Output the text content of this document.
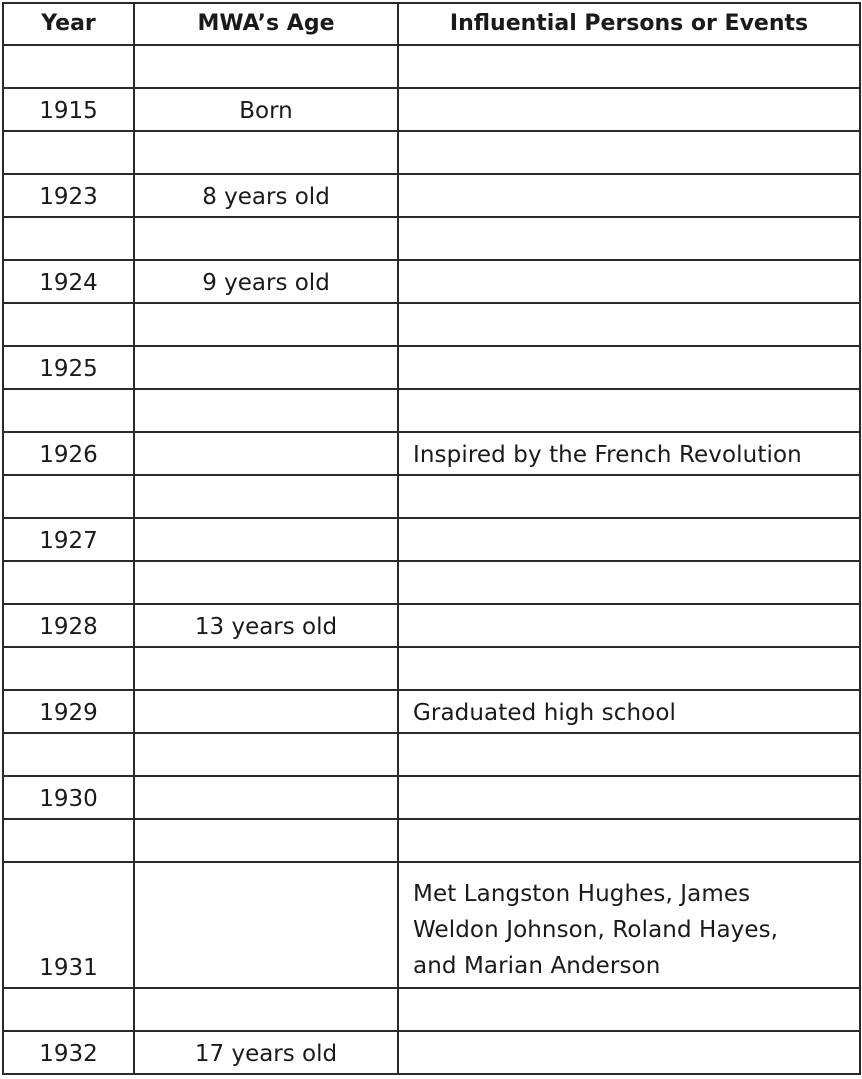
Year	MWA’s Age	Influential Persons or Events

1915	Born	

1923	8 years old	

1924	9 years old	

1925		

1926		Inspired by the French Revolution

1927		

1928	13 years old	

1929		Graduated high school

1930		

1931		Met Langston Hughes, James
Weldon Johnson, Roland Hayes,
and Marian Anderson

1932	17 years old	
